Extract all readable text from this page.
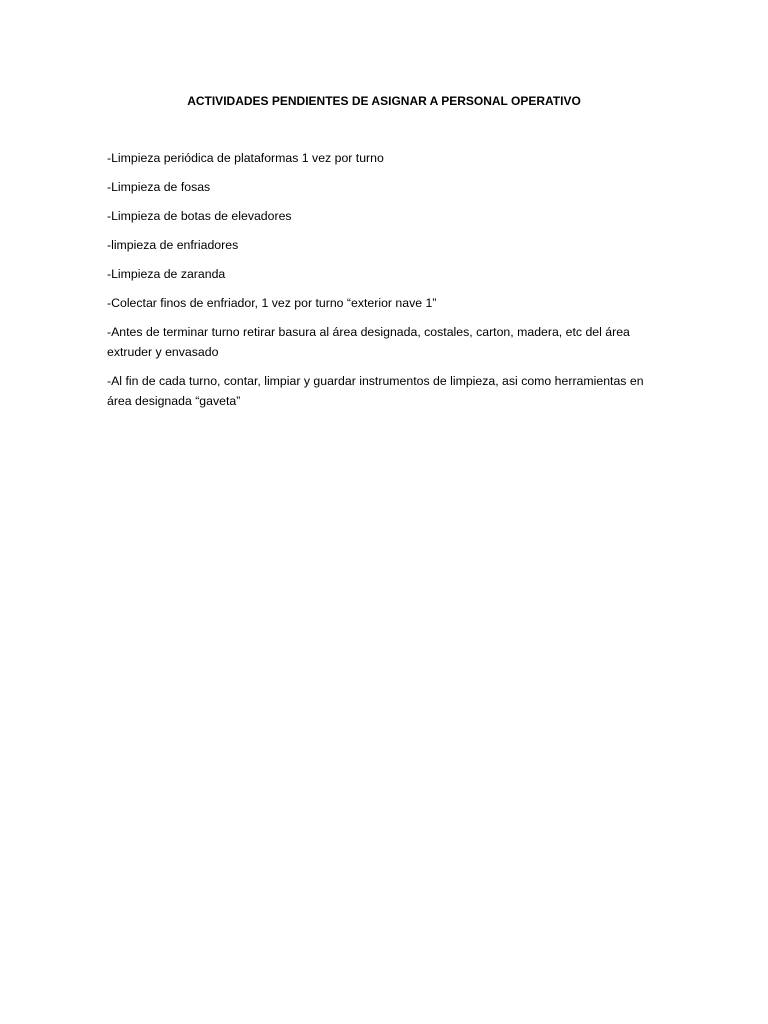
ACTIVIDADES PENDIENTES DE ASIGNAR A PERSONAL OPERATIVO
-Limpieza periódica de plataformas 1 vez por turno
-Limpieza de fosas
-Limpieza de botas de elevadores
-limpieza de enfriadores
-Limpieza de zaranda
-Colectar finos de enfriador, 1 vez por turno “exterior nave 1”
-Antes de terminar turno retirar basura al área designada, costales, carton, madera, etc del área extruder y envasado
-Al fin de cada turno, contar, limpiar y guardar instrumentos de limpieza, asi como herramientas en área designada “gaveta”
